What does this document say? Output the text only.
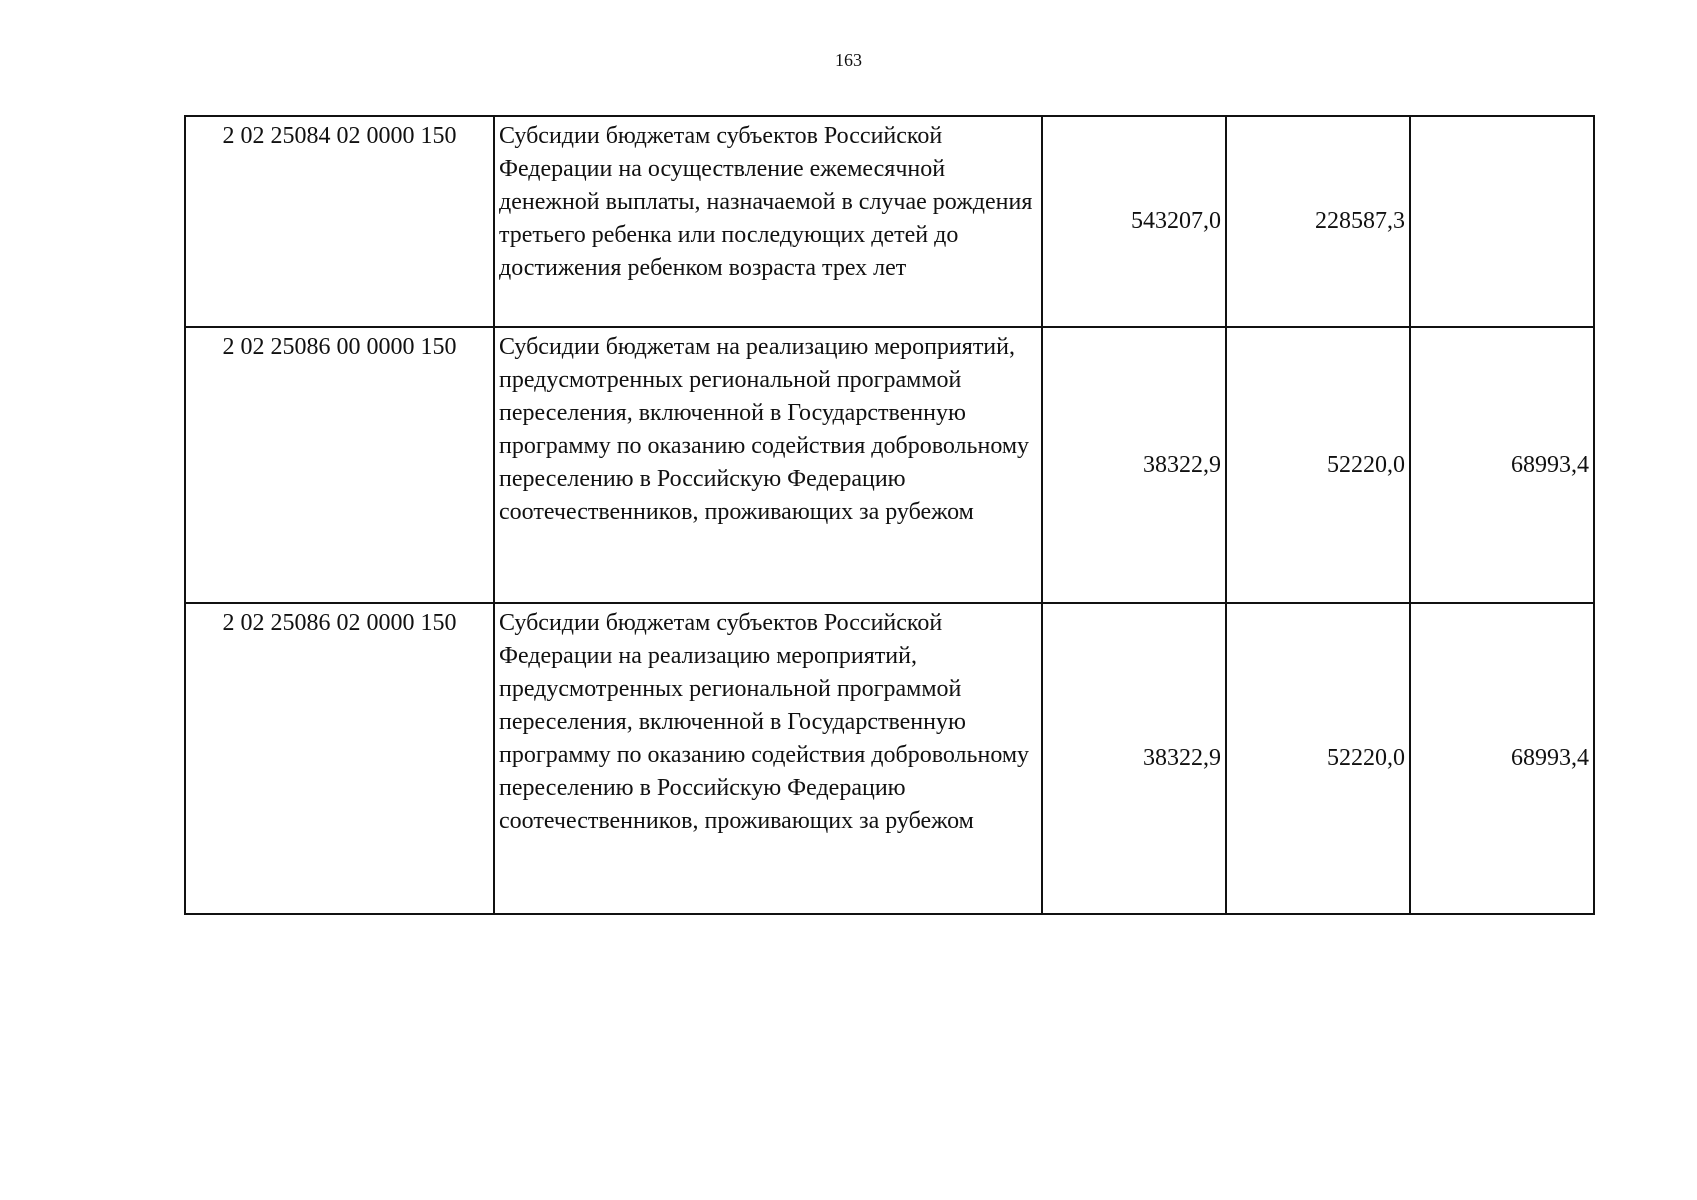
163
2 02 25084 02 0000 150	Субсидии бюджетам субъектов Российской Федерации на осуществление ежемесячной денежной выплаты, назначаемой в случае рождения третьего ребенка или последующих детей до достижения ребенком возраста трех лет	543207,0	228587,3	
2 02 25086 00 0000 150	Субсидии бюджетам на реализацию мероприятий, предусмотренных региональной программой переселения, включенной в Государственную программу по оказанию содействия добровольному переселению в Российскую Федерацию соотечественников, проживающих за рубежом	38322,9	52220,0	68993,4
2 02 25086 02 0000 150	Субсидии бюджетам субъектов Российской Федерации на реализацию мероприятий, предусмотренных региональной программой переселения, включенной в Государственную программу по оказанию содействия добровольному переселению в Российскую Федерацию соотечественников, проживающих за рубежом	38322,9	52220,0	68993,4
